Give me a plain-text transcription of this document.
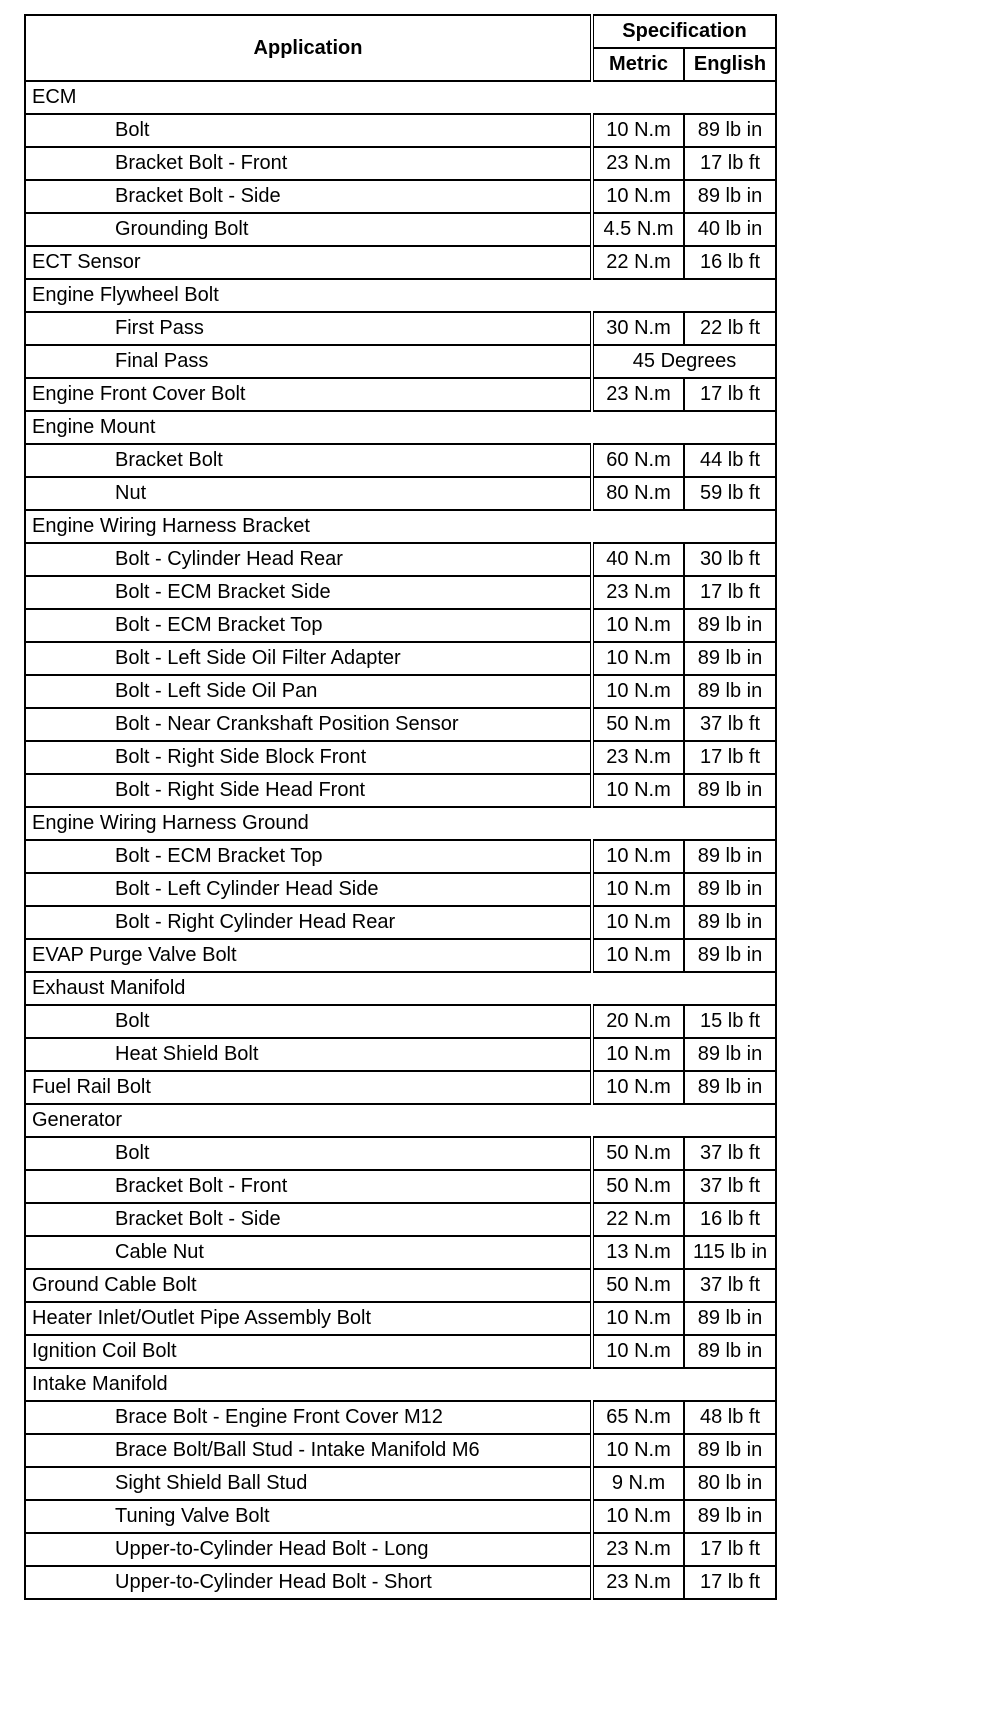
Application	Specification	
	Metric	English
ECM		
Bolt	10 N.m	89 lb in
Bracket Bolt - Front	23 N.m	17 lb ft
Bracket Bolt - Side	10 N.m	89 lb in
Grounding Bolt	4.5 N.m	40 lb in
ECT Sensor	22 N.m	16 lb ft
Engine Flywheel Bolt		
First Pass	30 N.m	22 lb ft
Final Pass	45 Degrees	
Engine Front Cover Bolt	23 N.m	17 lb ft
Engine Mount		
Bracket Bolt	60 N.m	44 lb ft
Nut	80 N.m	59 lb ft
Engine Wiring Harness Bracket		
Bolt - Cylinder Head Rear	40 N.m	30 lb ft
Bolt - ECM Bracket Side	23 N.m	17 lb ft
Bolt - ECM Bracket Top	10 N.m	89 lb in
Bolt - Left Side Oil Filter Adapter	10 N.m	89 lb in
Bolt - Left Side Oil Pan	10 N.m	89 lb in
Bolt - Near Crankshaft Position Sensor	50 N.m	37 lb ft
Bolt - Right Side Block Front	23 N.m	17 lb ft
Bolt - Right Side Head Front	10 N.m	89 lb in
Engine Wiring Harness Ground		
Bolt - ECM Bracket Top	10 N.m	89 lb in
Bolt - Left Cylinder Head Side	10 N.m	89 lb in
Bolt - Right Cylinder Head Rear	10 N.m	89 lb in
EVAP Purge Valve Bolt	10 N.m	89 lb in
Exhaust Manifold		
Bolt	20 N.m	15 lb ft
Heat Shield Bolt	10 N.m	89 lb in
Fuel Rail Bolt	10 N.m	89 lb in
Generator		
Bolt	50 N.m	37 lb ft
Bracket Bolt - Front	50 N.m	37 lb ft
Bracket Bolt - Side	22 N.m	16 lb ft
Cable Nut	13 N.m	115 lb in
Ground Cable Bolt	50 N.m	37 lb ft
Heater Inlet/Outlet Pipe Assembly Bolt	10 N.m	89 lb in
Ignition Coil Bolt	10 N.m	89 lb in
Intake Manifold		
Brace Bolt - Engine Front Cover M12	65 N.m	48 lb ft
Brace Bolt/Ball Stud - Intake Manifold M6	10 N.m	89 lb in
Sight Shield Ball Stud	9 N.m	80 lb in
Tuning Valve Bolt	10 N.m	89 lb in
Upper-to-Cylinder Head Bolt - Long	23 N.m	17 lb ft
Upper-to-Cylinder Head Bolt - Short	23 N.m	17 lb ft
